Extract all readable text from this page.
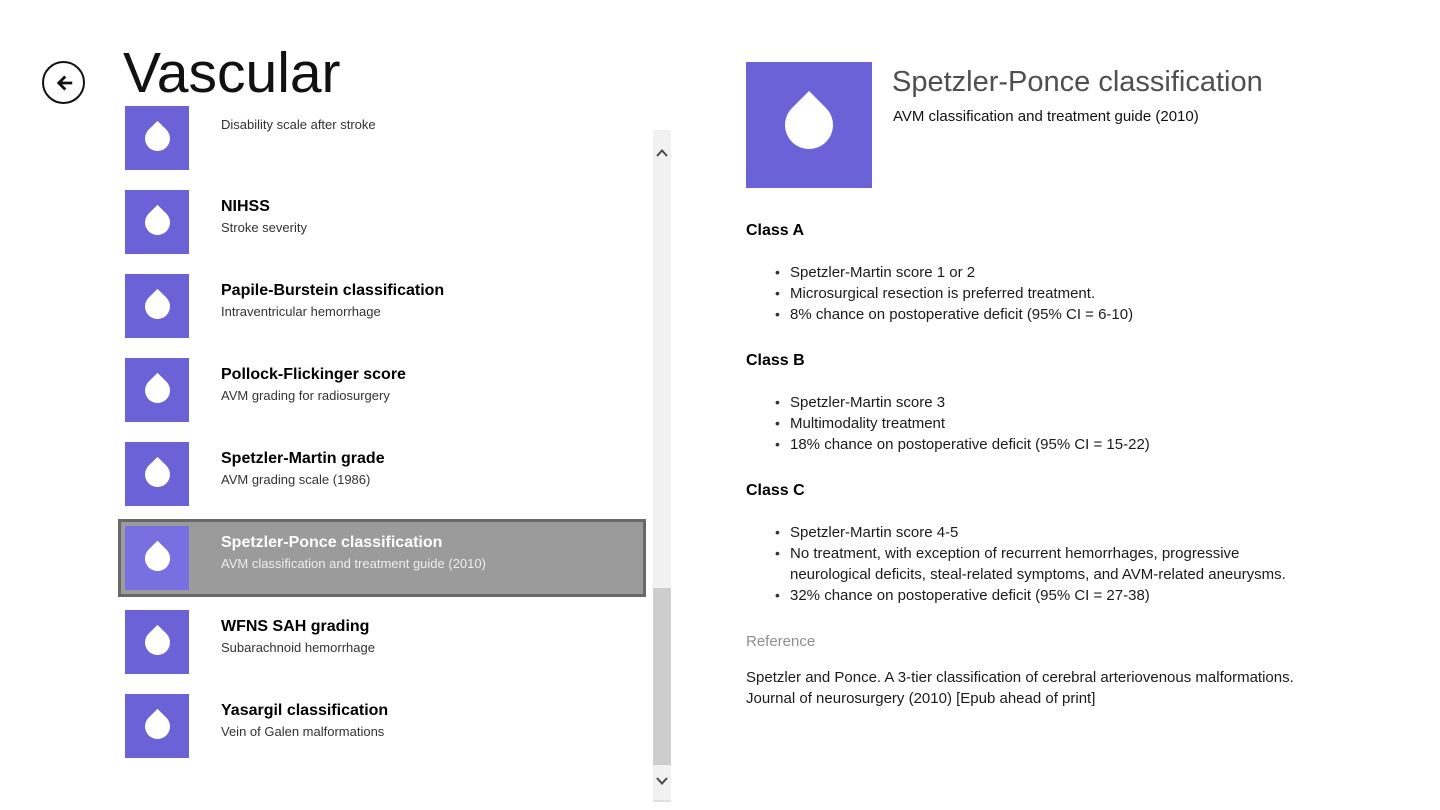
Vascular
Disability scale after stroke
NIHSS
Stroke severity
Papile-Burstein classification
Intraventricular hemorrhage
Pollock-Flickinger score
AVM grading for radiosurgery
Spetzler-Martin grade
AVM grading scale (1986)
Spetzler-Ponce classification
AVM classification and treatment guide (2010)
WFNS SAH grading
Subarachnoid hemorrhage
Yasargil classification
Vein of Galen malformations
Spetzler-Ponce classification
AVM classification and treatment guide (2010)
Class A
• Spetzler-Martin score 1 or 2
• Microsurgical resection is preferred treatment.
• 8% chance on postoperative deficit (95% CI = 6-10)
Class B
• Spetzler-Martin score 3
• Multimodality treatment
• 18% chance on postoperative deficit (95% CI = 15-22)
Class C
• Spetzler-Martin score 4-5
• No treatment, with exception of recurrent hemorrhages, progressive neurological deficits, steal-related symptoms, and AVM-related aneurysms.
• 32% chance on postoperative deficit (95% CI = 27-38)

Reference

Spetzler and Ponce. A 3-tier classification of cerebral arteriovenous malformations. Journal of neurosurgery (2010) [Epub ahead of print]
